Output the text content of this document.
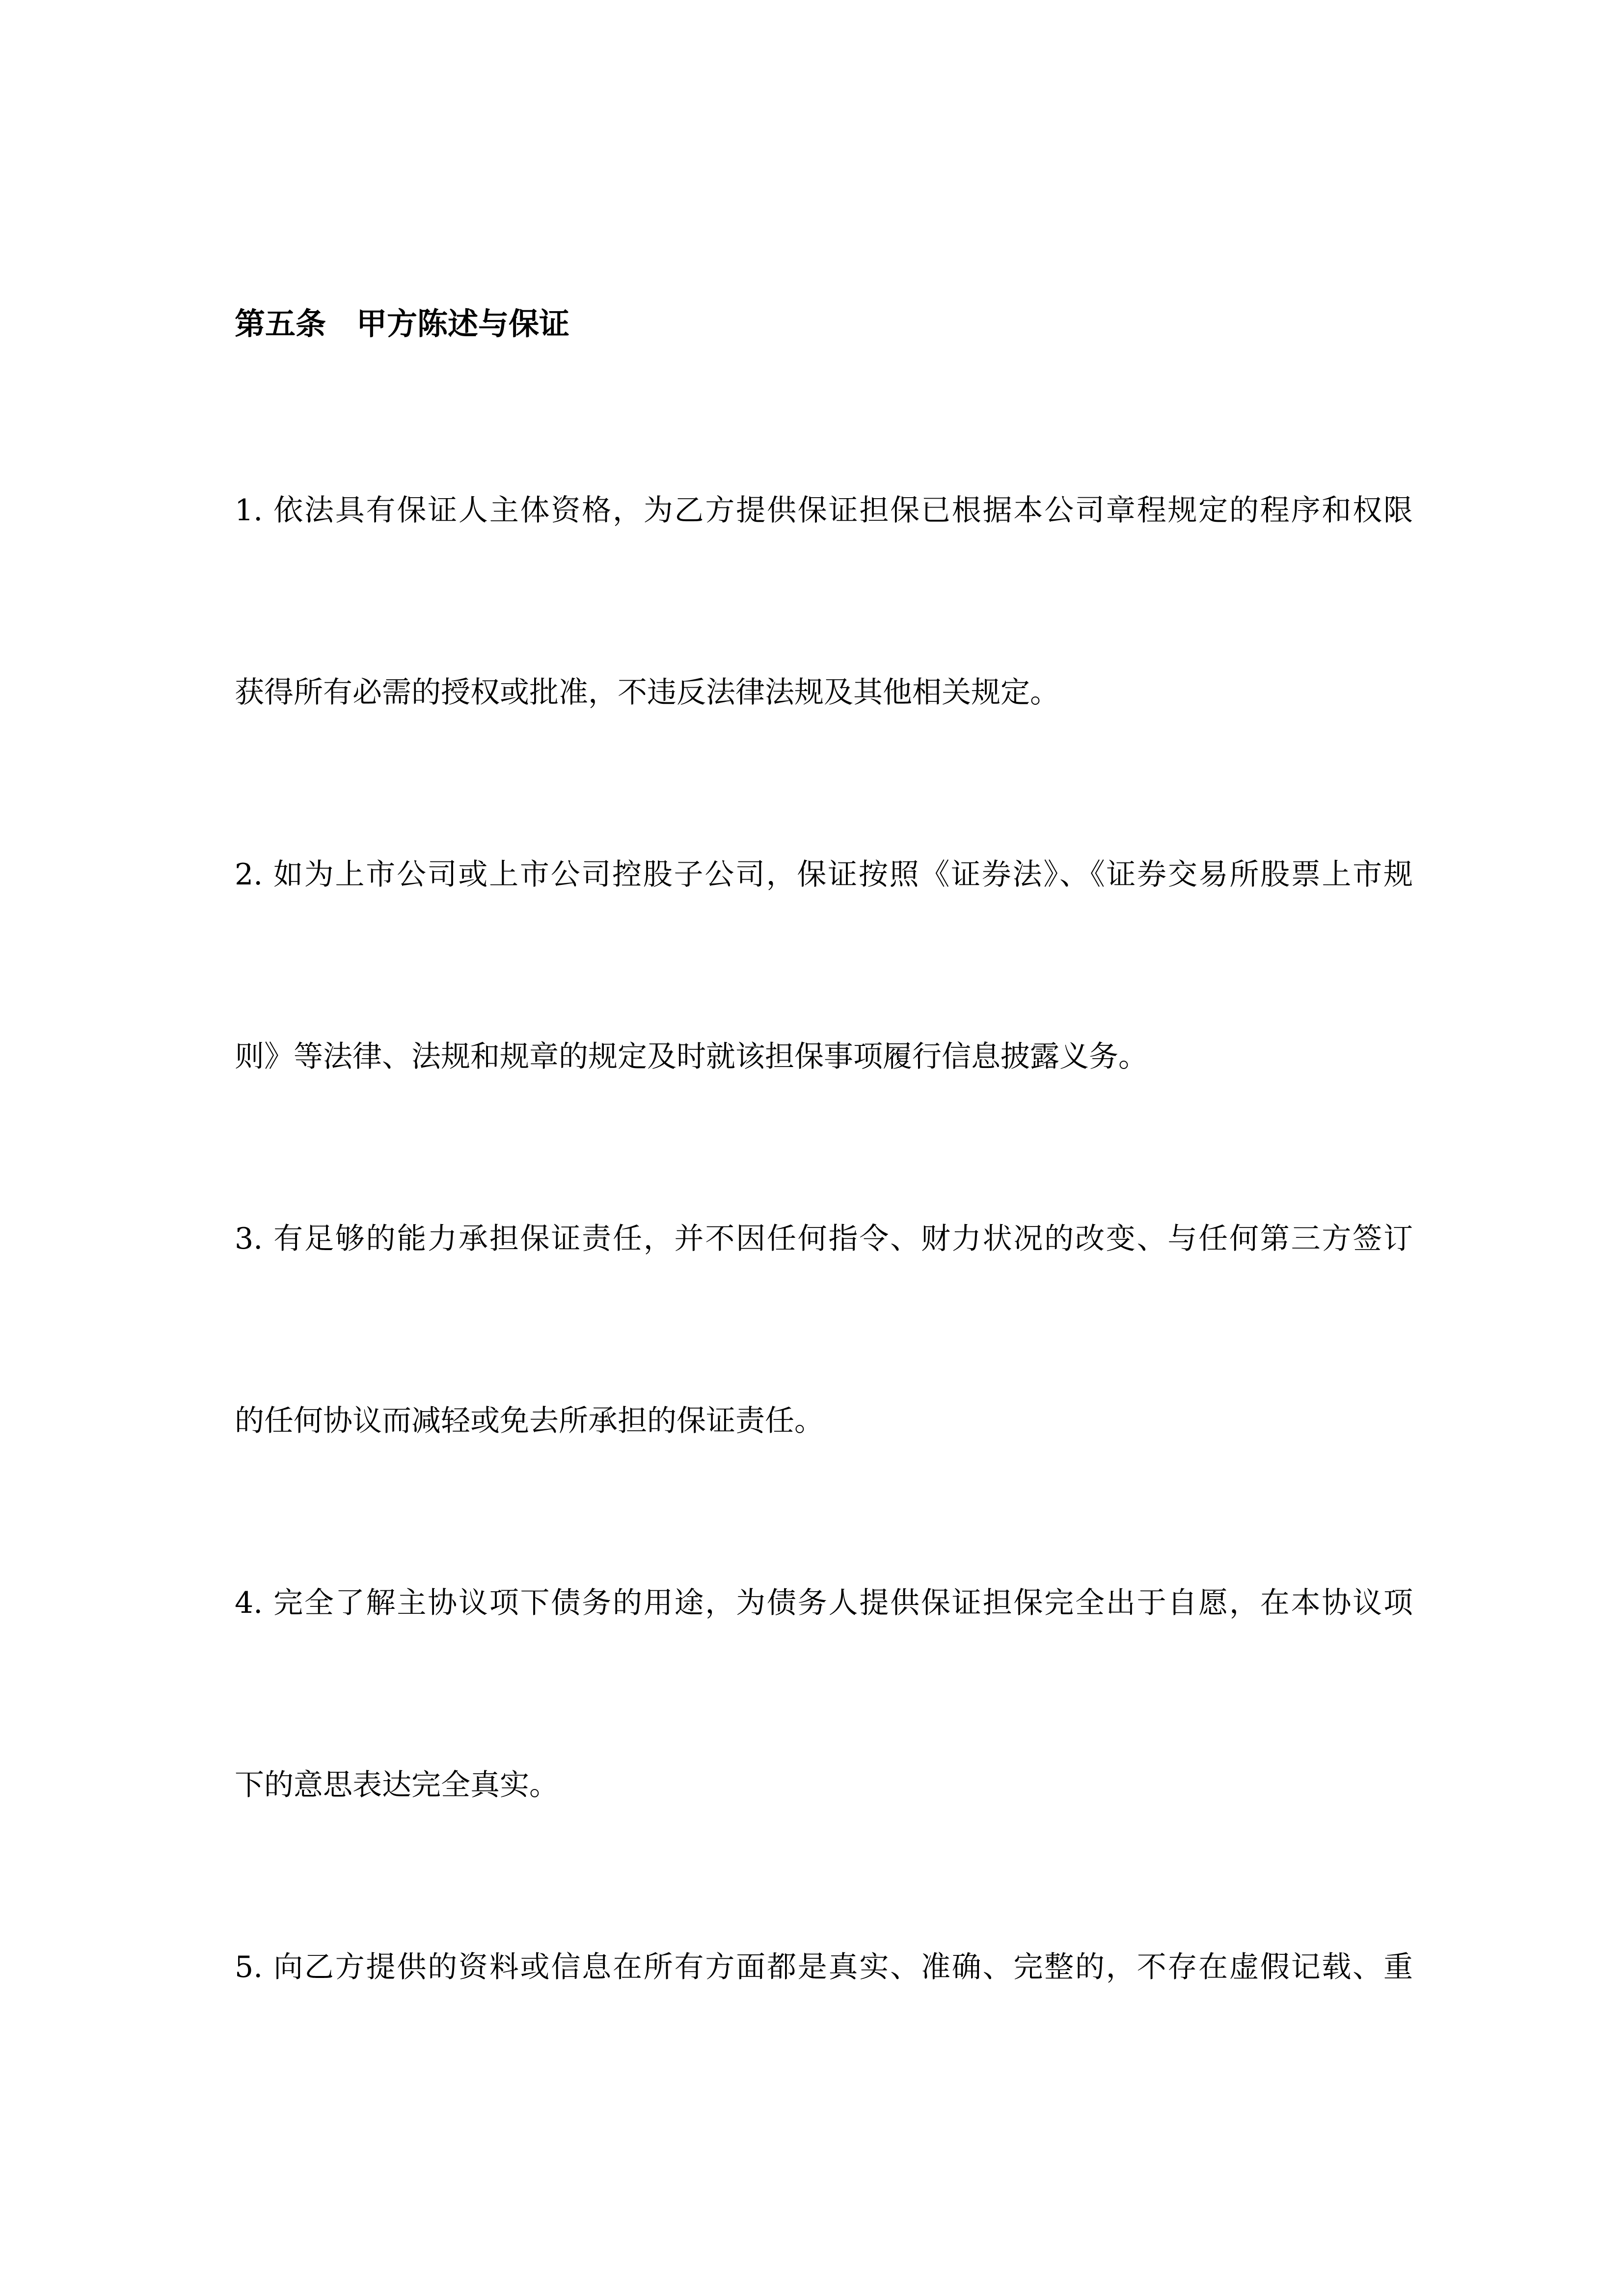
第五条　甲方陈述与保证
1. 依法具有保证人主体资格，为乙方提供保证担保已根据本公司章程规定的程序和权限
获得所有必需的授权或批准，不违反法律法规及其他相关规定。
2. 如为上市公司或上市公司控股子公司，保证按照《证券法》、《证券交易所股票上市规
则》等法律、法规和规章的规定及时就该担保事项履行信息披露义务。
3. 有足够的能力承担保证责任，并不因任何指令、财力状况的改变、与任何第三方签订
的任何协议而减轻或免去所承担的保证责任。
4. 完全了解主协议项下债务的用途，为债务人提供保证担保完全出于自愿，在本协议项
下的意思表达完全真实。
5. 向乙方提供的资料或信息在所有方面都是真实、准确、完整的，不存在虚假记载、重
